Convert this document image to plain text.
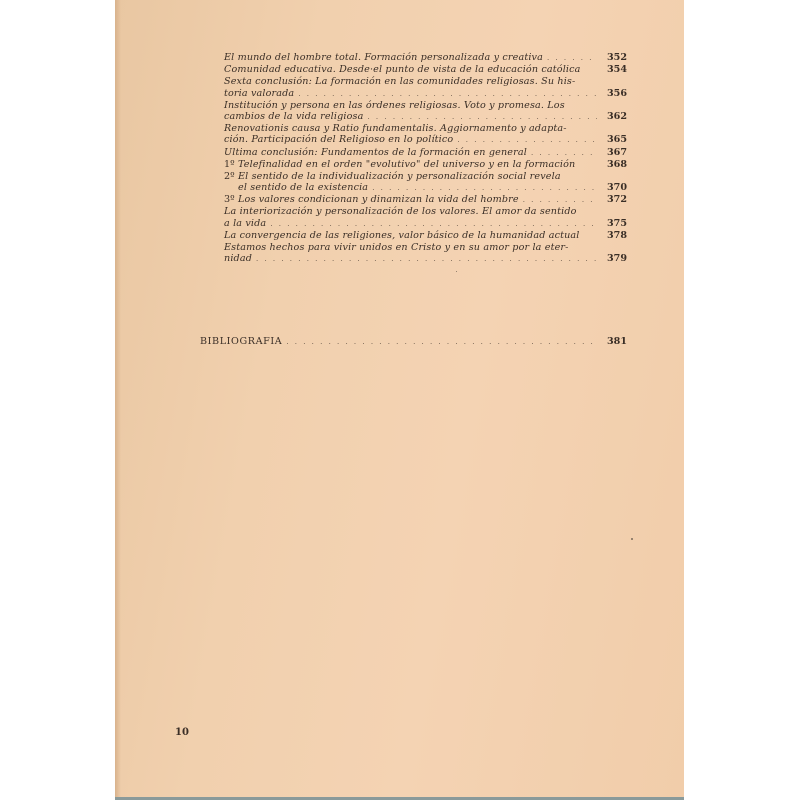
El mundo del hombre total. Formación personalizada y creativa . . .	352
Comunidad educativa. Desde·el punto de vista de la educación católica	354
Sexta conclusión: La formación en las comunidades religiosas. Su his-
toria valorada . . .	356
Institución y persona en las órdenes religiosas. Voto y promesa. Los
cambios de la vida religiosa . . .	362
Renovationis causa y Ratio fundamentalis. Aggiornamento y adapta-
ción. Participación del Religioso en lo político . . .	365
Ultima conclusión: Fundamentos de la formación en general . . .	367
1º Telefinalidad en el orden "evolutivo" del universo y en la formación	368
2º El sentido de la individualización y personalización social revela
el sentido de la existencia . . .	370
3º Los valores condicionan y dinamizan la vida del hombre . . .	372
La interiorización y personalización de los valores. El amor da sentido
a la vida . . .	375
La convergencia de las religiones, valor básico de la humanidad actual	378
Estamos hechos para vivir unidos en Cristo y en su amor por la eter-
nidad . . .	379
BIBLIOGRAFIA . . .	381
10
